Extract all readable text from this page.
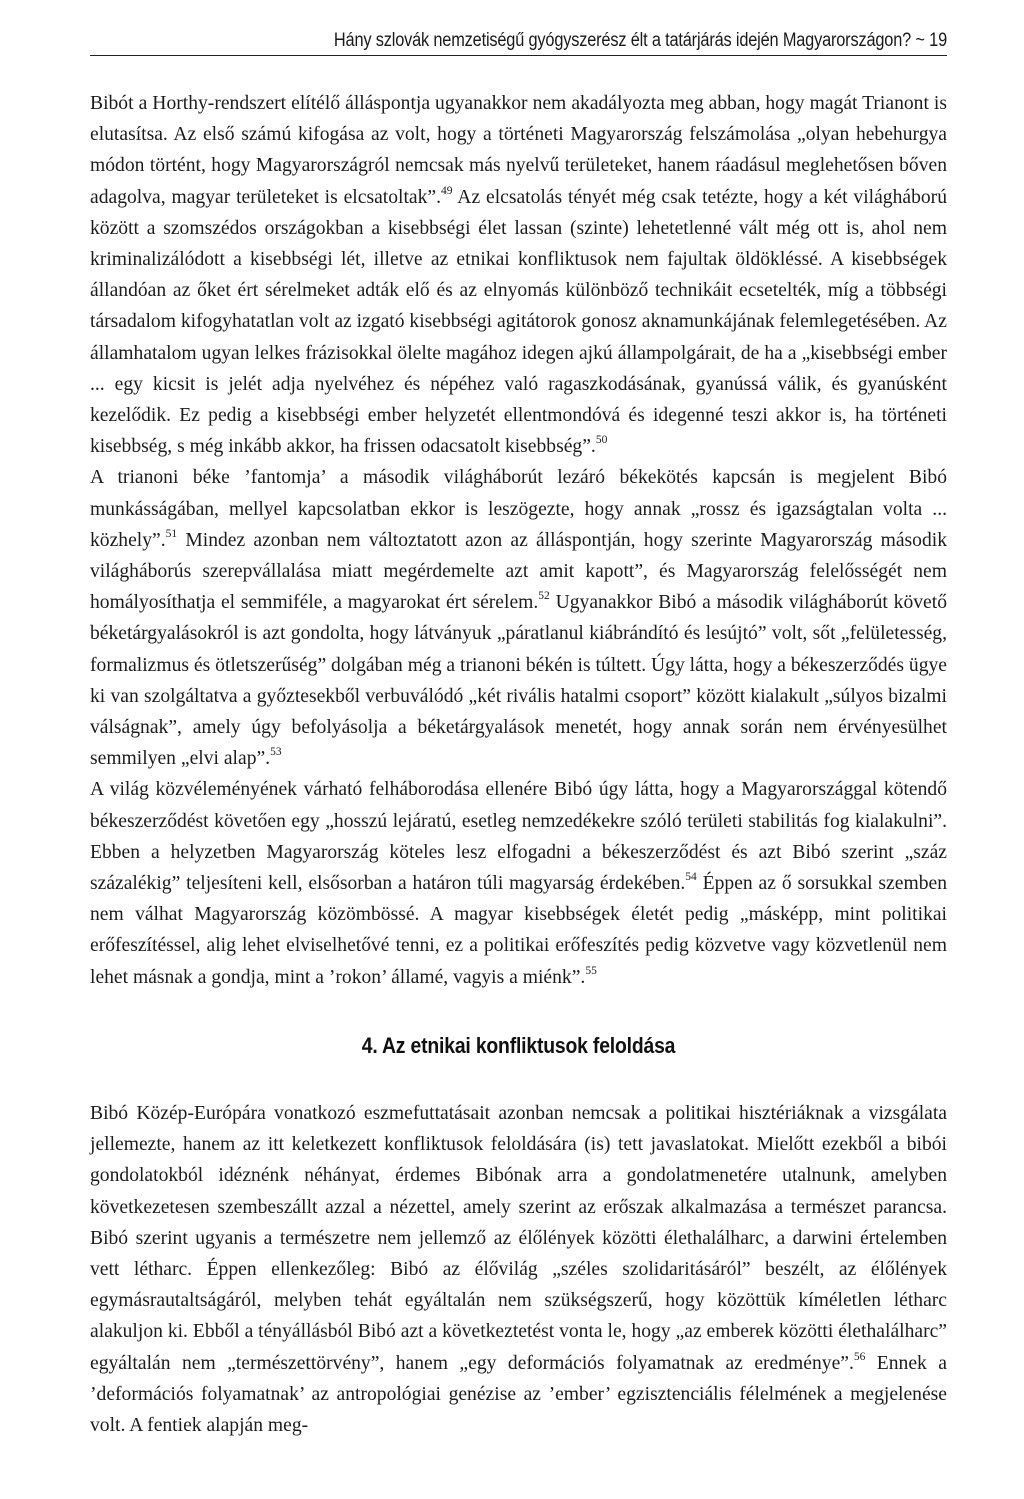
Hány szlovák nemzetiségű gyógyszerész élt a tatárjárás idején Magyarországon? ~ 19

Bibót a Horthy-rendszert elítélő álláspontja ugyanakkor nem akadályozta meg abban, hogy magát Trianont is elutasítsa. Az első számú kifogása az volt, hogy a történeti Magyarország felszámolása „olyan hebehurgya módon történt, hogy Magyarországról nemcsak más nyelvű területeket, hanem ráadásul meglehetősen bőven adagolva, magyar területeket is elcsatoltak”.$^{49}$ Az elcsatolás tényét még csak tetézte, hogy a két világháború között a szomszédos országokban a kisebbségi élet lassan (szinte) lehetetlenné vált még ott is, ahol nem kriminalizálódott a kisebbségi lét, illetve az etnikai konfliktusok nem fajultak öldökléssé. A kisebbségek állandóan az őket ért sérelmeket adták elő és az elnyomás különböző technikáit ecsetelték, míg a többségi társadalom kifogyhatatlan volt az izgató kisebbségi agitátorok gonosz aknamunkájának felemlegetésében. Az államhatalom ugyan lelkes frázisokkal ölelte magához idegen ajkú állampolgárait, de ha a „kisebbségi ember ... egy kicsit is jelét adja nyelvéhez és népéhez való ragaszkodásának, gyanússá válik, és gyanúsként kezelődik. Ez pedig a kisebbségi ember helyzetét ellentmondóvá és idegenné teszi akkor is, ha történeti kisebbség, s még inkább akkor, ha frissen odacsatolt kisebbség”.$^{50}$

A trianoni béke ’fantomja’ a második világháborút lezáró békekötés kapcsán is megjelent Bibó munkásságában, mellyel kapcsolatban ekkor is leszögezte, hogy annak „rossz és igazságtalan volta ... közhely”.$^{51}$ Mindez azonban nem változtatott azon az álláspontján, hogy szerinte Magyarország második világháborús szerepvállalása miatt megérdemelte azt amit kapott”, és Magyarország felelősségét nem homályosíthatja el semmiféle, a magyarokat ért sérelem.$^{52}$ Ugyanakkor Bibó a második világháborút követő béketárgyalásokról is azt gondolta, hogy látványuk „páratlanul kiábrándító és lesújtó” volt, sőt „felületesség, formalizmus és ötletszerűség” dolgában még a trianoni békén is túltett. Úgy látta, hogy a békeszerződés ügye ki van szolgáltatva a győztesekből verbuválódó „két rivális hatalmi csoport” között kialakult „súlyos bizalmi válságnak”, amely úgy befolyásolja a béketárgyalások menetét, hogy annak során nem érvényesülhet semmilyen „elvi alap”.$^{53}$

A világ közvéleményének várható felháborodása ellenére Bibó úgy látta, hogy a Magyarországgal kötendő békeszerződést követően egy „hosszú lejáratú, esetleg nemzedékekre szóló területi stabilitás fog kialakulni”. Ebben a helyzetben Magyarország köteles lesz elfogadni a békeszerződést és azt Bibó szerint „száz százalékig” teljesíteni kell, elsősorban a határon túli magyarság érdekében.$^{54}$ Éppen az ő sorsukkal szemben nem válhat Magyarország közömbössé. A magyar kisebbségek életét pedig „másképp, mint politikai erőfeszítéssel, alig lehet elviselhetővé tenni, ez a politikai erőfeszítés pedig közvetve vagy közvetlenül nem lehet másnak a gondja, mint a ’rokon’ államé, vagyis a miénk”.$^{55}$

4. Az etnikai konfliktusok feloldása

Bibó Közép-Európára vonatkozó eszmefuttatásait azonban nemcsak a politikai hisztériáknak a vizsgálata jellemezte, hanem az itt keletkezett konfliktusok feloldására (is) tett javaslatokat. Mielőtt ezekből a bibói gondolatokból idéznénk néhányat, érdemes Bibónak arra a gondolatmenetére utalnunk, amelyben következetesen szembeszállt azzal a nézettel, amely szerint az erőszak alkalmazása a természet parancsa. Bibó szerint ugyanis a természetre nem jellemző az élőlények közötti élethalálharc, a darwini értelemben vett létharc. Éppen ellenkezőleg: Bibó az élővilág „széles szolidaritásáról” beszélt, az élőlények egymásrautaltságáról, melyben tehát egyáltalán nem szükségszerű, hogy közöttük kíméletlen létharc alakuljon ki. Ebből a tényállásból Bibó azt a következtetést vonta le, hogy „az emberek közötti élethalálharc” egyáltalán nem „természettörvény”, hanem „egy deformációs folyamatnak az eredménye”.$^{56}$ Ennek a ’deformációs folyamatnak’ az antropológiai genézise az ’ember’ egzisztenciális félelmének a megjelenése volt. A fentiek alapján meg-
